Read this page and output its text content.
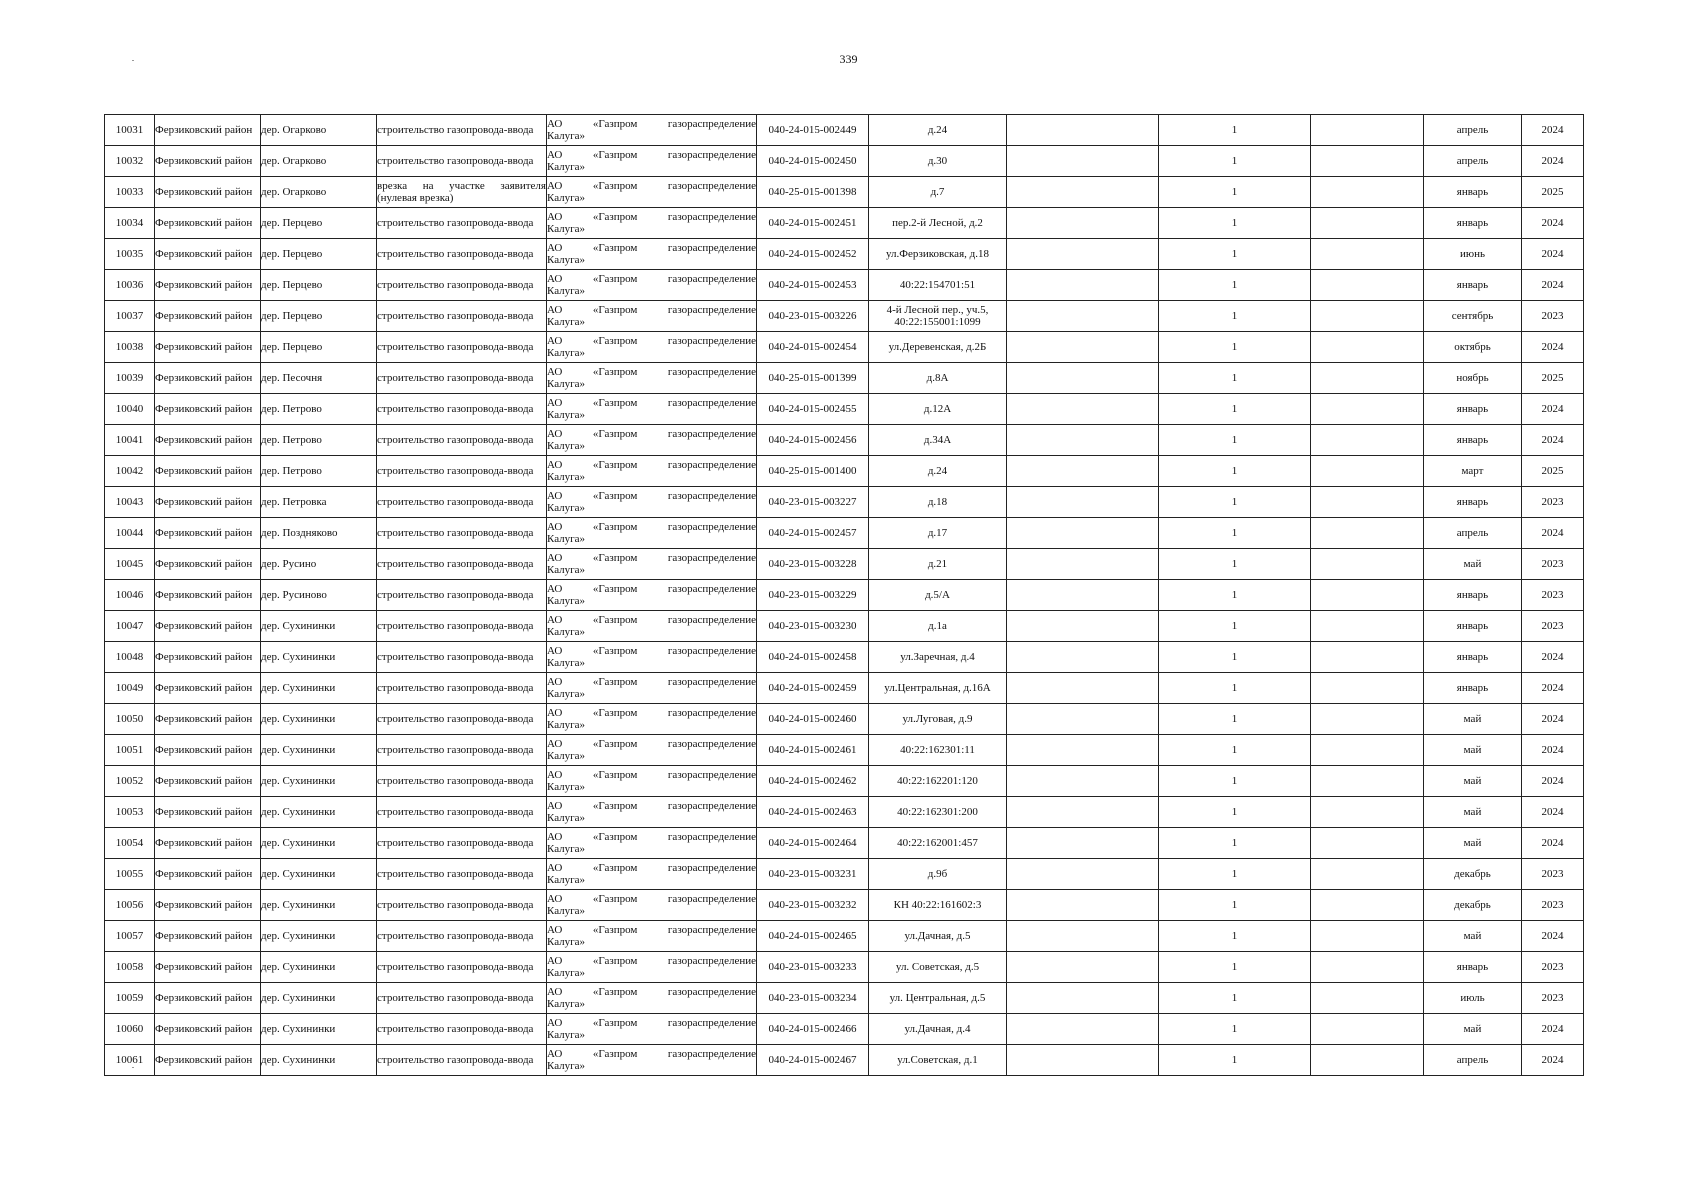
339
10031	Ферзиковский район	дер. Огарково	строительство газопровода-ввода	АО «Газпром газораспределение
Калуга»	040-24-015-002449	д.24		1		апрель	2024
10032	Ферзиковский район	дер. Огарково	строительство газопровода-ввода	АО «Газпром газораспределение
Калуга»	040-24-015-002450	д.30		1		апрель	2024
10033	Ферзиковский район	дер. Огарково	врезка на участке заявителя (нулевая врезка)	АО «Газпром газораспределение
Калуга»	040-25-015-001398	д.7		1		январь	2025
10034	Ферзиковский район	дер. Перцево	строительство газопровода-ввода	АО «Газпром газораспределение
Калуга»	040-24-015-002451	пер.2-й Лесной, д.2		1		январь	2024
10035	Ферзиковский район	дер. Перцево	строительство газопровода-ввода	АО «Газпром газораспределение
Калуга»	040-24-015-002452	ул.Ферзиковская, д.18		1		июнь	2024
10036	Ферзиковский район	дер. Перцево	строительство газопровода-ввода	АО «Газпром газораспределение
Калуга»	040-24-015-002453	40:22:154701:51		1		январь	2024
10037	Ферзиковский район	дер. Перцево	строительство газопровода-ввода	АО «Газпром газораспределение
Калуга»	040-23-015-003226	4-й Лесной пер., уч.5, 40:22:155001:1099		1		сентябрь	2023
10038	Ферзиковский район	дер. Перцево	строительство газопровода-ввода	АО «Газпром газораспределение
Калуга»	040-24-015-002454	ул.Деревенская, д.2Б		1		октябрь	2024
10039	Ферзиковский район	дер. Песочня	строительство газопровода-ввода	АО «Газпром газораспределение
Калуга»	040-25-015-001399	д.8А		1		ноябрь	2025
10040	Ферзиковский район	дер. Петрово	строительство газопровода-ввода	АО «Газпром газораспределение
Калуга»	040-24-015-002455	д.12А		1		январь	2024
10041	Ферзиковский район	дер. Петрово	строительство газопровода-ввода	АО «Газпром газораспределение
Калуга»	040-24-015-002456	д.34А		1		январь	2024
10042	Ферзиковский район	дер. Петрово	строительство газопровода-ввода	АО «Газпром газораспределение
Калуга»	040-25-015-001400	д.24		1		март	2025
10043	Ферзиковский район	дер. Петровка	строительство газопровода-ввода	АО «Газпром газораспределение
Калуга»	040-23-015-003227	д.18		1		январь	2023
10044	Ферзиковский район	дер. Поздняково	строительство газопровода-ввода	АО «Газпром газораспределение
Калуга»	040-24-015-002457	д.17		1		апрель	2024
10045	Ферзиковский район	дер. Русино	строительство газопровода-ввода	АО «Газпром газораспределение
Калуга»	040-23-015-003228	д.21		1		май	2023
10046	Ферзиковский район	дер. Русиново	строительство газопровода-ввода	АО «Газпром газораспределение
Калуга»	040-23-015-003229	д.5/А		1		январь	2023
10047	Ферзиковский район	дер. Сухининки	строительство газопровода-ввода	АО «Газпром газораспределение
Калуга»	040-23-015-003230	д.1а		1		январь	2023
10048	Ферзиковский район	дер. Сухининки	строительство газопровода-ввода	АО «Газпром газораспределение
Калуга»	040-24-015-002458	ул.Заречная, д.4		1		январь	2024
10049	Ферзиковский район	дер. Сухининки	строительство газопровода-ввода	АО «Газпром газораспределение
Калуга»	040-24-015-002459	ул.Центральная, д.16А		1		январь	2024
10050	Ферзиковский район	дер. Сухининки	строительство газопровода-ввода	АО «Газпром газораспределение
Калуга»	040-24-015-002460	ул.Луговая, д.9		1		май	2024
10051	Ферзиковский район	дер. Сухининки	строительство газопровода-ввода	АО «Газпром газораспределение
Калуга»	040-24-015-002461	40:22:162301:11		1		май	2024
10052	Ферзиковский район	дер. Сухининки	строительство газопровода-ввода	АО «Газпром газораспределение
Калуга»	040-24-015-002462	40:22:162201:120		1		май	2024
10053	Ферзиковский район	дер. Сухининки	строительство газопровода-ввода	АО «Газпром газораспределение
Калуга»	040-24-015-002463	40:22:162301:200		1		май	2024
10054	Ферзиковский район	дер. Сухининки	строительство газопровода-ввода	АО «Газпром газораспределение
Калуга»	040-24-015-002464	40:22:162001:457		1		май	2024
10055	Ферзиковский район	дер. Сухининки	строительство газопровода-ввода	АО «Газпром газораспределение
Калуга»	040-23-015-003231	д.9б		1		декабрь	2023
10056	Ферзиковский район	дер. Сухининки	строительство газопровода-ввода	АО «Газпром газораспределение
Калуга»	040-23-015-003232	КН 40:22:161602:3		1		декабрь	2023
10057	Ферзиковский район	дер. Сухининки	строительство газопровода-ввода	АО «Газпром газораспределение
Калуга»	040-24-015-002465	ул.Дачная, д.5		1		май	2024
10058	Ферзиковский район	дер. Сухининки	строительство газопровода-ввода	АО «Газпром газораспределение
Калуга»	040-23-015-003233	ул. Советская, д.5		1		январь	2023
10059	Ферзиковский район	дер. Сухининки	строительство газопровода-ввода	АО «Газпром газораспределение
Калуга»	040-23-015-003234	ул. Центральная, д.5		1		июль	2023
10060	Ферзиковский район	дер. Сухининки	строительство газопровода-ввода	АО «Газпром газораспределение
Калуга»	040-24-015-002466	ул.Дачная, д.4		1		май	2024
10061	Ферзиковский район	дер. Сухининки	строительство газопровода-ввода	АО «Газпром газораспределение
Калуга»	040-24-015-002467	ул.Советская, д.1		1		апрель	2024
